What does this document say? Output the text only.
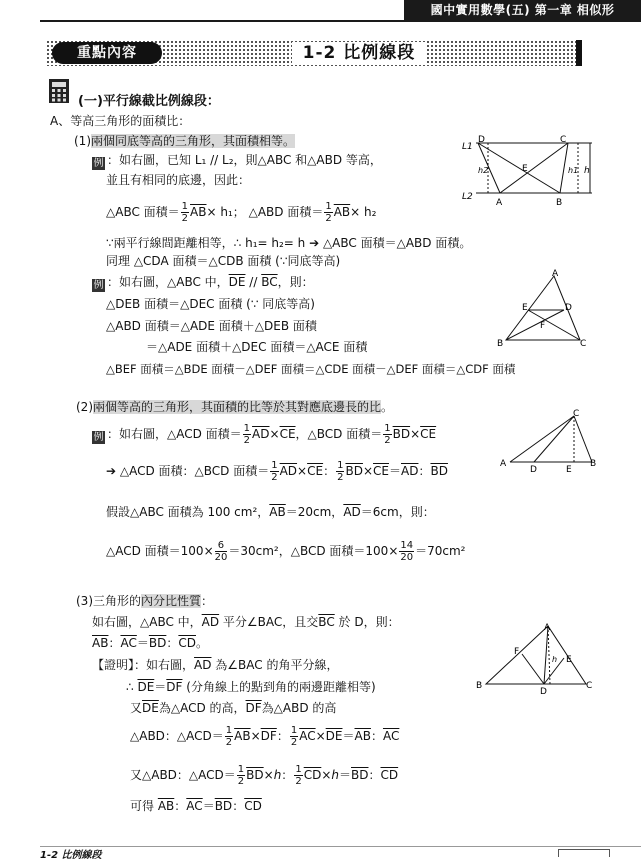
國中實用數學(五) 第一章 相似形
重點內容	1-2 比例線段
(一)平行線截比例線段：
A、等高三角形的面積比：
(1)兩個同底等高的三角形，其面積相等。
例 ：如右圖，已知 L₁ // L₂，則△ABC 和△ABD 等高，
並且有相同的底邊，因此：
△ABC 面積＝ $\frac{1}{2} \overline{AB}\times h_1$； △ABD 面積＝ $\frac{1}{2} \overline{AB}\times h_2$
∵兩平行線間距離相等，∴ h₁= h₂= h ➔ △ABC 面積＝△ABD 面積。
同理 △CDA 面積＝△CDB 面積 (∵同底等高)
例 ：如右圖，△ABC 中，$\overline{DE} // \overline{BC}$，則：
△DEB 面積＝△DEC 面積 (∵ 同底等高)
△ABD 面積＝△ADE 面積＋△DEB 面積
＝△ADE 面積＋△DEC 面積＝△ACE 面積
△BEF 面積＝△BDE 面積－△DEF 面積＝△CDE 面積－△DEF 面積＝△CDF 面積
L1
L2
D	C
A	B
E
h2	h1 h
A
B	C
D
E
F
(2)兩個等高的三角形，其面積的比等於其對應底邊長的比。
例 ：如右圖，△ACD 面積＝ $\frac{1}{2} \overline{AD}\times\overline{CE}$，△BCD 面積＝ $\frac{1}{2} \overline{BD}\times\overline{CE}$
➔ △ACD 面積：△BCD 面積＝ $\frac{1}{2} \overline{AD}\times\overline{CE}$： $\frac{1}{2} \overline{BD}\times\overline{CE}=\overline{AD}$：$\overline{BD}$
假設△ABC 面積為 100 cm²，$\overline{AB}=20cm$，$\overline{AD}=6cm$，則：
△ACD 面積$=100\times \frac{6}{20} =30cm^2$，△BCD 面積$=100\times \frac{14}{20} =70cm^2$
A	B
C
D	E
(3)三角形的內分比性質：
如右圖，△ABC 中，$\overline{AD}$ 平分∠BAC，且交$\overline{BC}$ 於 D，則：
$\overline{AB}$：$\overline{AC}=\overline{BD}$：$\overline{CD}$。
【證明】：如右圖，$\overline{AD}$ 為∠BAC 的角平分線，
∴ $\overline{DE}=\overline{DF}$ (分角線上的點到角的兩邊距離相等)
又$\overline{DE}$為△ACD 的高，$\overline{DF}$為△ABD 的高
△ABD：△ACD＝ $\frac{1}{2} \overline{AB}\times\overline{DF}$： $\frac{1}{2} \overline{AC}\times\overline{DE}=\overline{AB}$：$\overline{AC}$
又△ABD：△ACD＝ $\frac{1}{2} \overline{BD}\times h$： $\frac{1}{2} \overline{CD}\times h=\overline{BD}$：$\overline{CD}$
可得 $\overline{AB}$：$\overline{AC}=\overline{BD}$：$\overline{CD}$
A
B	C
D
E
F
h
1-2 比例線段
